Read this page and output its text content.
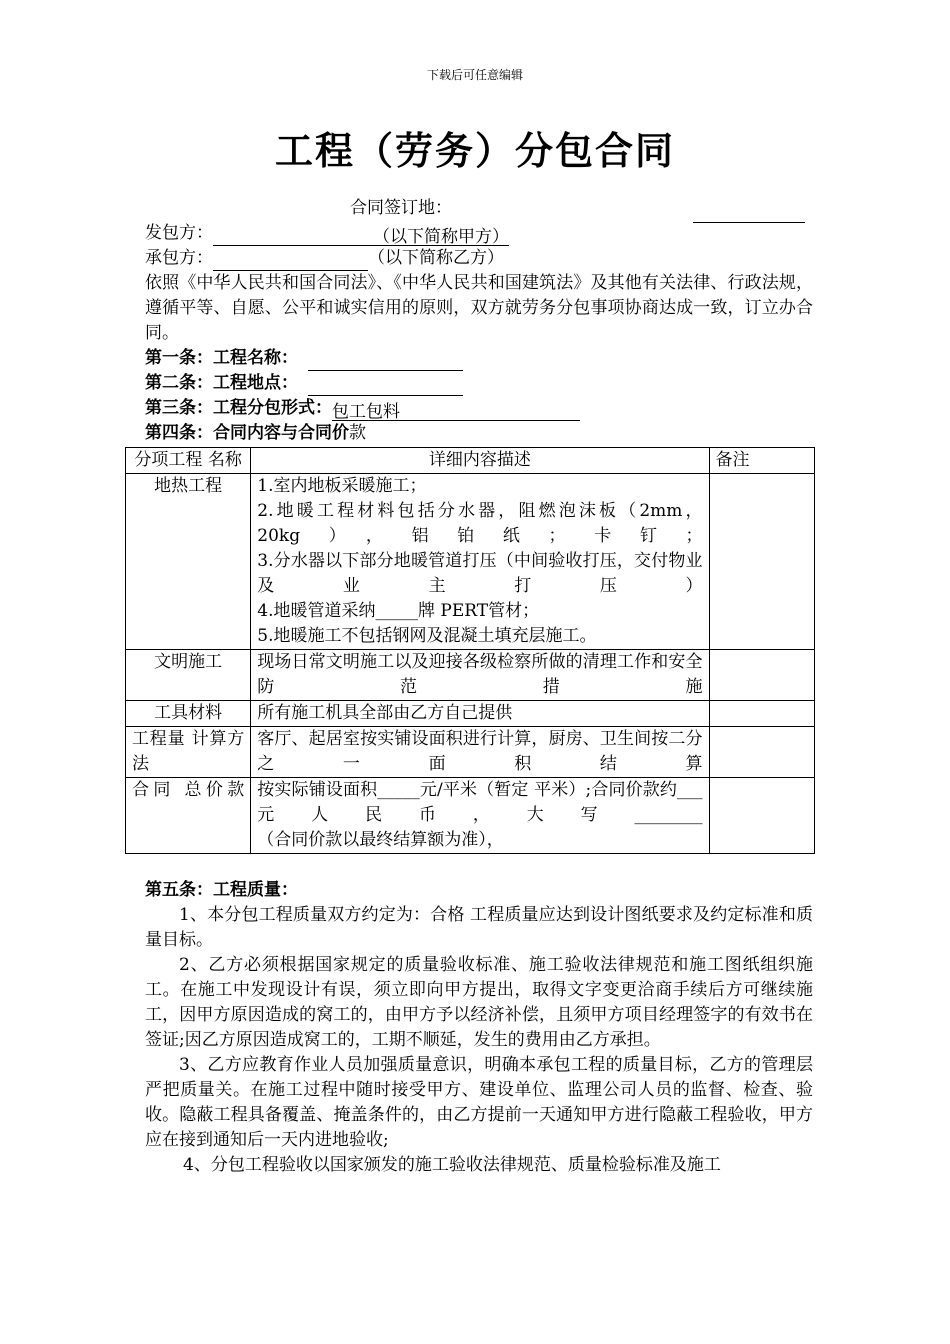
下载后可任意编辑
工程（劳务）分包合同
合同签订地：
发包方：	（以下简称甲方）
承包方：	（以下简称乙方）
依照《中华人民共和国合同法》、《中华人民共和国建筑法》及其他有关法律、行政法规，遵循平等、自愿、公平和诚实信用的原则，双方就劳务分包事项协商达成一致，订立办合同。
第一条：工程名称：
第二条：工程地点：
第三条：工程分包形式：包工包料
第四条：合同内容与合同价款
分项工程 名称	详细内容描述	备注
地热工程	1.室内地板采暖施工；
2.地暖工程材料包括分水器，阻燃泡沫板（2mm，20kg），铝铂纸；卡钉；
3.分水器以下部分地暖管道打压（中间验收打压，交付物业及业主打压）
4.地暖管道采纳_____牌 PERT管材；
5.地暖施工不包括钢网及混凝土填充层施工。	

文明施工	现场日常文明施工以及迎接各级检察所做的清理工作和安全防范措施	

工具材料	所有施工机具全部由乙方自己提供	

工程量 计算方法	客厅、起居室按实铺设面积进行计算，厨房、卫生间按二分之一面积结算	

合同 总价款	按实际铺设面积_____元/平米（暂定 平米）;合同价款约___元人民币，大写________
（合同价款以最终结算额为准），	

第五条：工程质量：
1、本分包工程质量双方约定为：合格 工程质量应达到设计图纸要求及约定标准和质量目标。
2、乙方必须根据国家规定的质量验收标准、施工验收法律规范和施工图纸组织施工。在施工中发现设计有误，须立即向甲方提出，取得文字变更洽商手续后方可继续施工，因甲方原因造成的窝工的，由甲方予以经济补偿，且须甲方项目经理签字的有效书在签证;因乙方原因造成窝工的，工期不顺延，发生的费用由乙方承担。
3、乙方应教育作业人员加强质量意识，明确本承包工程的质量目标，乙方的管理层严把质量关。在施工过程中随时接受甲方、建设单位、监理公司人员的监督、检查、验收。隐蔽工程具备覆盖、掩盖条件的，由乙方提前一天通知甲方进行隐蔽工程验收，甲方应在接到通知后一天内进地验收;
4、分包工程验收以国家颁发的施工验收法律规范、质量检验标准及施工
